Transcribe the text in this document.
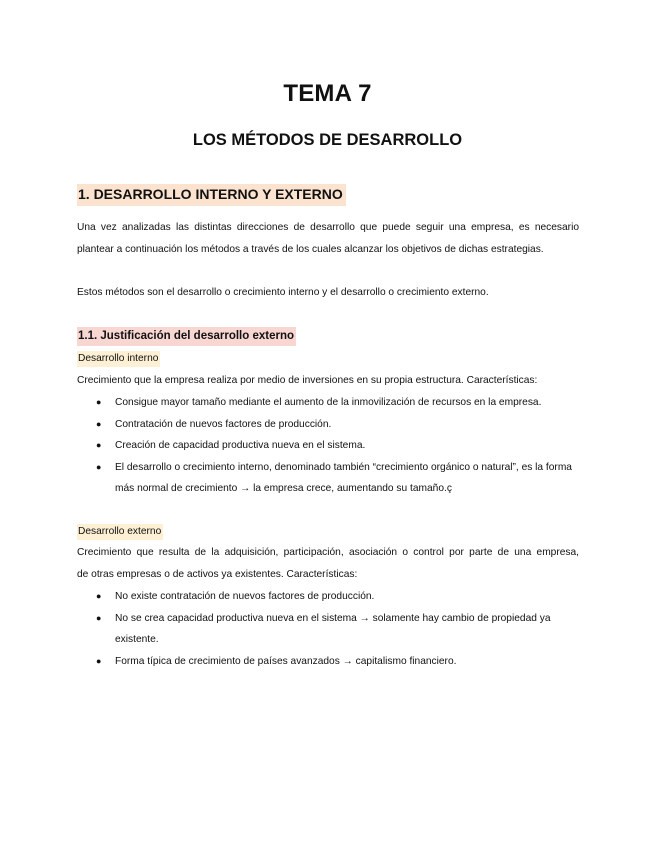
TEMA 7
LOS MÉTODOS DE DESARROLLO
1. DESARROLLO INTERNO Y EXTERNO
Una vez analizadas las distintas direcciones de desarrollo que puede seguir una empresa, es necesario
plantear a continuación los métodos a través de los cuales alcanzar los objetivos de dichas estrategias.
Estos métodos son el desarrollo o crecimiento interno y el desarrollo o crecimiento externo.
1.1. Justificación del desarrollo externo
Desarrollo interno
Crecimiento que la empresa realiza por medio de inversiones en su propia estructura. Características:
● Consigue mayor tamaño mediante el aumento de la inmovilización de recursos en la empresa.
● Contratación de nuevos factores de producción.
● Creación de capacidad productiva nueva en el sistema.
● El desarrollo o crecimiento interno, denominado también “crecimiento orgánico o natural”, es la forma más normal de crecimiento → la empresa crece, aumentando su tamaño.ç
Desarrollo externo
Crecimiento que resulta de la adquisición, participación, asociación o control por parte de una empresa,
de otras empresas o de activos ya existentes. Características:
● No existe contratación de nuevos factores de producción.
● No se crea capacidad productiva nueva en el sistema → solamente hay cambio de propiedad ya existente.
● Forma típica de crecimiento de países avanzados → capitalismo financiero.
